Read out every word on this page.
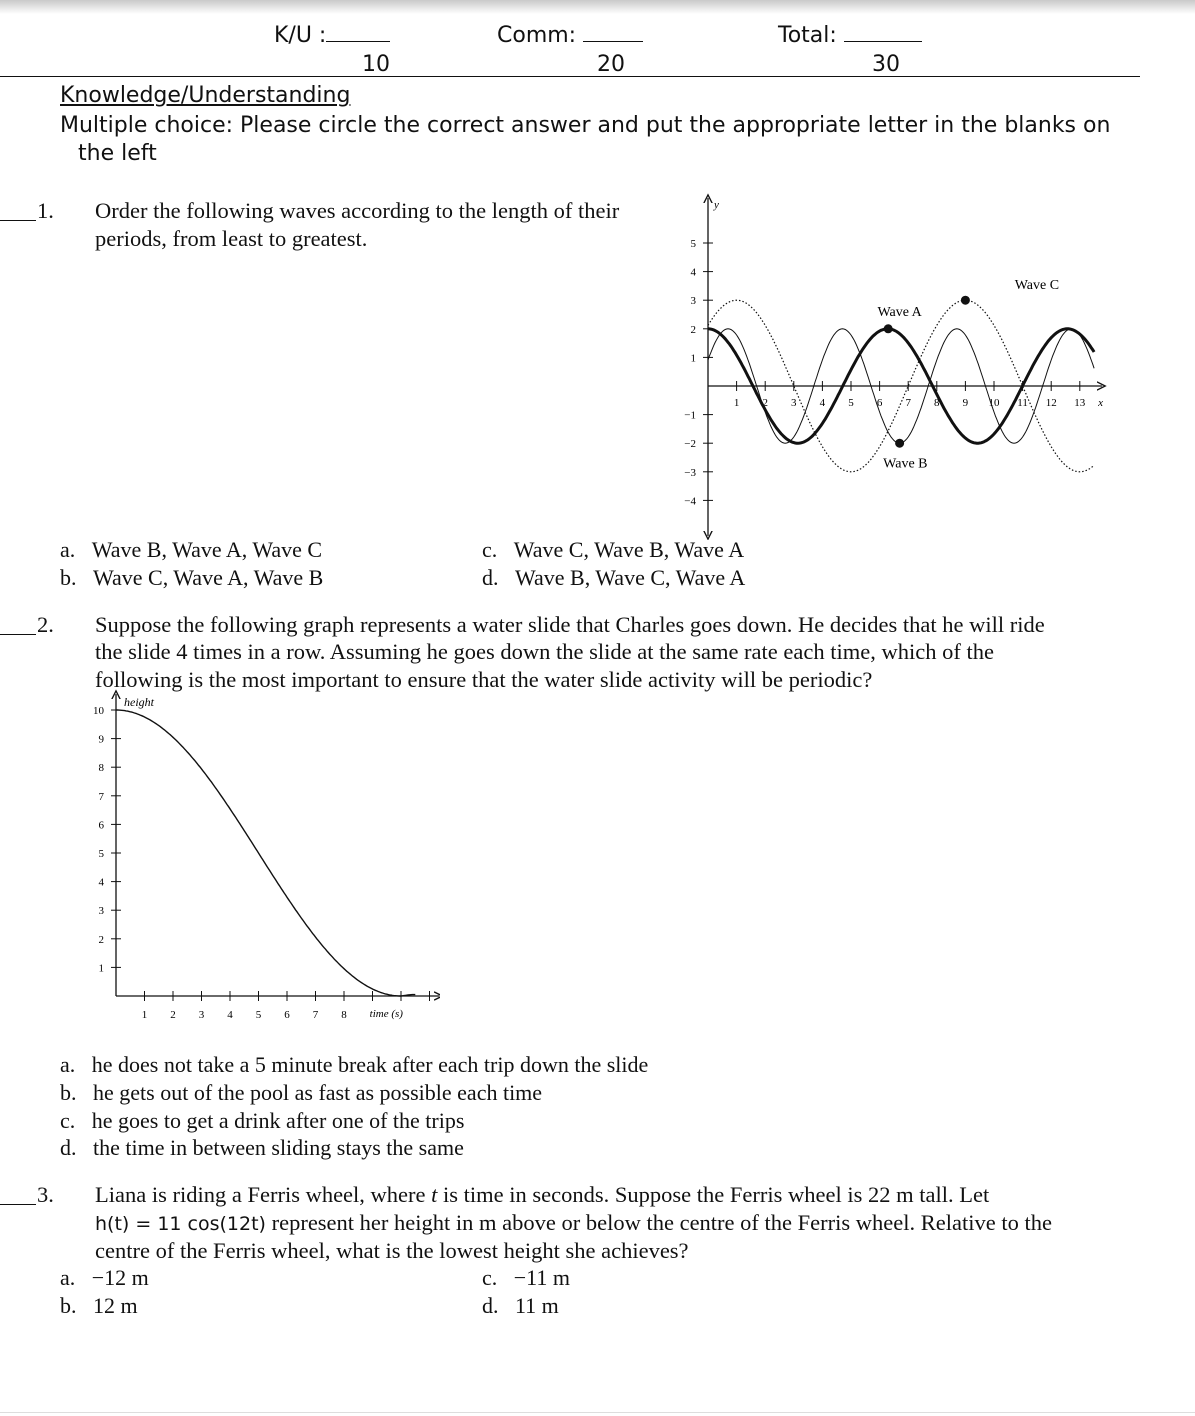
K/U :
10
Comm:
20
Total:
30
Knowledge/Understanding
Multiple choice: Please circle the correct answer and put the appropriate letter in the blanks on
the left
1. Order the following waves according to the length of their
periods, from least to greatest.
y
x
1 2 3 4 5 6 7 8 9 10 11 12 13
5
4
3
2
1
−1
−2
−3
−4
Wave A
Wave B
Wave C
a. Wave B, Wave A, Wave C
b. Wave C, Wave A, Wave B
c. Wave C, Wave B, Wave A
d. Wave B, Wave C, Wave A
2. Suppose the following graph represents a water slide that Charles goes down. He decides that he will ride
the slide 4 times in a row. Assuming he goes down the slide at the same rate each time, which of the
following is the most important to ensure that the water slide activity will be periodic?
height
time (s)
1 2 3 4 5 6 7 8
10
9
8
7
6
5
4
3
2
1
a. he does not take a 5 minute break after each trip down the slide
b. he gets out of the pool as fast as possible each time
c. he goes to get a drink after one of the trips
d. the time in between sliding stays the same
3. Liana is riding a Ferris wheel, where t is time in seconds. Suppose the Ferris wheel is 22 m tall. Let
h(t) = 11 cos(12t) represent her height in m above or below the centre of the Ferris wheel. Relative to the
centre of the Ferris wheel, what is the lowest height she achieves?
a. −12 m
b. 12 m
c. −11 m
d. 11 m
